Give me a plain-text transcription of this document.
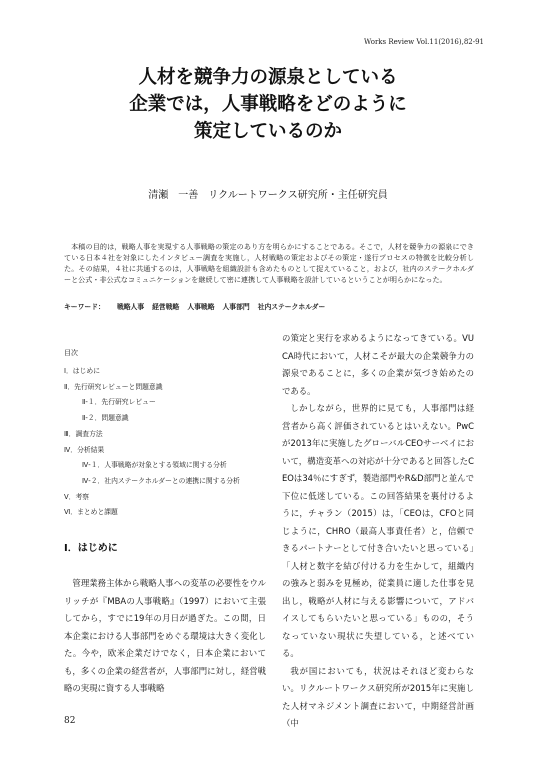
Works Review Vol.11(2016),82-91
人材を競争力の源泉としている
企業では，人事戦略をどのように
策定しているのか
清瀬　一善　リクルートワークス研究所・主任研究員

本稿の目的は，戦略人事を実現する人事戦略の策定のあり方を明らかにすることである。そこで，人材を競争力の源泉にできている日本４社を対象にしたインタビュー調査を実施し，人材戦略の策定およびその策定・遂行プロセスの特徴を比較分析した。その結果，４社に共通するのは，人事戦略を組織設計も含めたものとして捉えていること，および，社内のステークホルダーと公式・非公式なコミュニケーションを継続して密に連携して人事戦略を設計しているということが明らかになった。

キーワード： 戦略人事 経営戦略 人事戦略 人事部門 社内ステークホルダー
目次
Ⅰ．はじめに
Ⅱ．先行研究レビューと問題意識
Ⅱ-１．先行研究レビュー
Ⅱ-２．問題意識
Ⅲ．調査方法
Ⅳ．分析結果
Ⅳ-１．人事戦略が対象とする領域に関する分析
Ⅳ-２．社内ステークホルダーとの連携に関する分析
Ⅴ．考察
Ⅵ．まとめと課題
Ⅰ．はじめに

管理業務主体から戦略人事への変革の必要性をウルリッチが『MBAの人事戦略』（1997）において主張してから，すでに19年の月日が過ぎた。この間，日本企業における人事部門をめぐる環境は大きく変化した。今や，欧米企業だけでなく，日本企業においても，多くの企業の経営者が，人事部門に対し，経営戦略の実現に資する人事戦略

の策定と実行を求めるようになってきている。VUCA時代において，人材こそが最大の企業競争力の源泉であることに，多くの企業が気づき始めたのである。

しかしながら，世界的に見ても，人事部門は経営者から高く評価されているとはいえない。PwCが2013年に実施したグローバルCEOサーベイにおいて，構造変革への対応が十分であると回答したCEOは34％にすぎず，製造部門やR&D部門と並んで下位に低迷している。この回答結果を裏付けるように，チャラン（2015）は，「CEOは，CFOと同じように，CHRO（最高人事責任者）と，信頼できるパートナーとして付き合いたいと思っている」「人材と数字を結び付ける力を生かして，組織内の強みと弱みを見極め，従業員に適した仕事を見出し，戦略が人材に与える影響について，アドバイスしてもらいたいと思っている」ものの，そうなっていない現状に失望している，と述べている。

我が国においても，状況はそれほど変わらない。リクルートワークス研究所が2015年に実施した人材マネジメント調査において，中期経営計画（中

82
